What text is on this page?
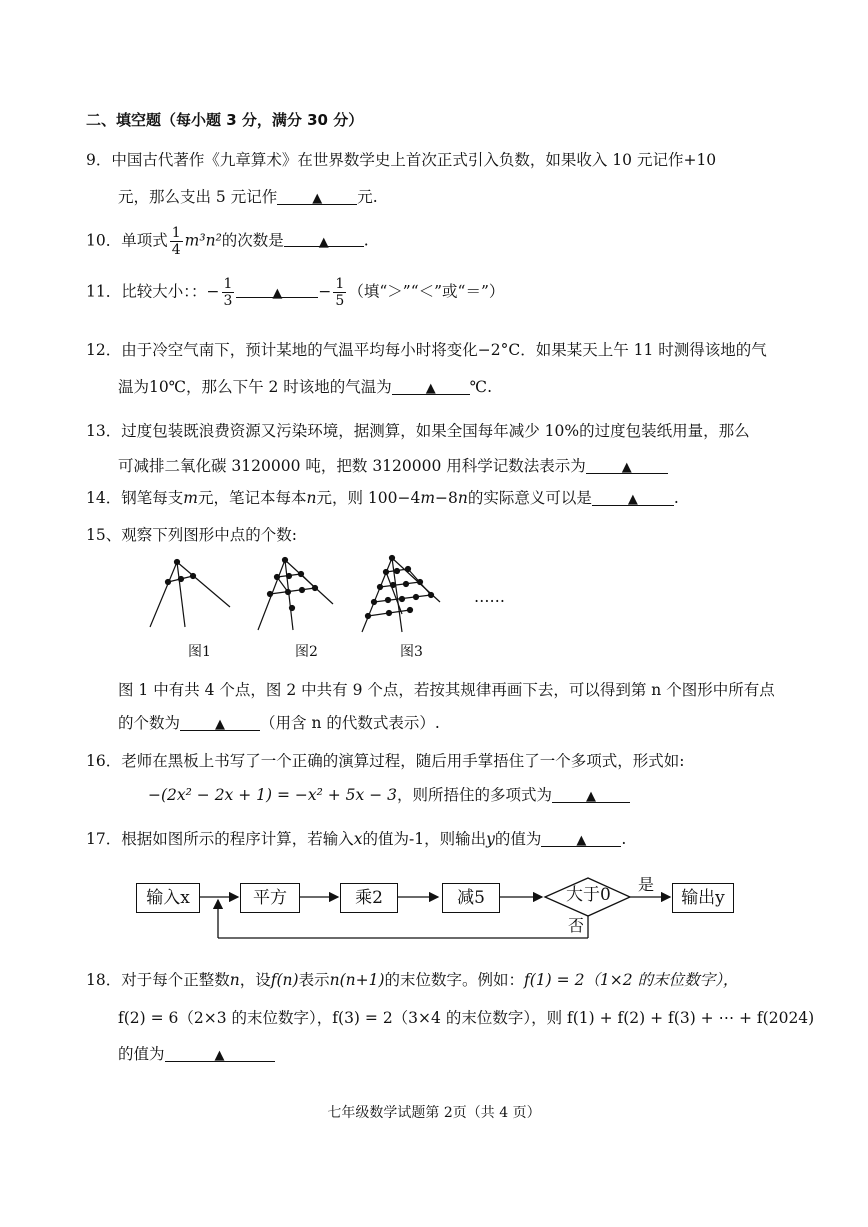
二、填空题（每小题 3 分，满分 30 分）
9．中国古代著作《九章算术》在世界数学史上首次正式引入负数，如果收入 10 元记作+10
元，那么支出 5 元记作	▲ 元.
10．单项式 $\frac{1}{4} m^3n^2$的次数是	▲ .
11．比较大小：：− $\frac{1}{3}$	▲ − $\frac{1}{5}$ （填“＞”“＜”或“＝”）
12．由于冷空气南下，预计某地的气温平均每小时将变化−2°C．如果某天上午 11 时测得该地的气
温为10℃，那么下午 2 时该地的气温为	▲ ℃.
13．过度包装既浪费资源又污染环境，据测算，如果全国每年减少 10%的过度包装纸用量，那么
可减排二氧化碳 3120000 吨，把数 3120000 用科学记数法表示为	▲
14．钢笔每支m元，笔记本每本n元，则 100−4m−8n的实际意义可以是	▲ .
15、观察下列图形中点的个数:
……
图1	图2	图3
图 1 中有共 4 个点，图 2 中共有 9 个点，若按其规律再画下去，可以得到第 n 个图形中所有点
的个数为	▲ （用含 n 的代数式表示）.
16．老师在黑板上书写了一个正确的演算过程，随后用手掌捂住了一个多项式，形式如:
−(2x² − 2x + 1) = −x² + 5x − 3，则所捂住的多项式为	▲
17．根据如图所示的程序计算，若输入x的值为-1，则输出y的值为	▲ .
输入x	平方	乘2	减5	大于0
是
否
输出y
18．对于每个正整数n，设f(n)表示n(n+1)的末位数字。例如：f(1) = 2（1×2 的末位数字），
f(2) = 6（2×3 的末位数字），f(3) = 2（3×4 的末位数字），则 f(1) + f(2) + f(3) + ⋯ + f(2024)
的值为	▲
七年级数学试题第 2页（共 4 页）
